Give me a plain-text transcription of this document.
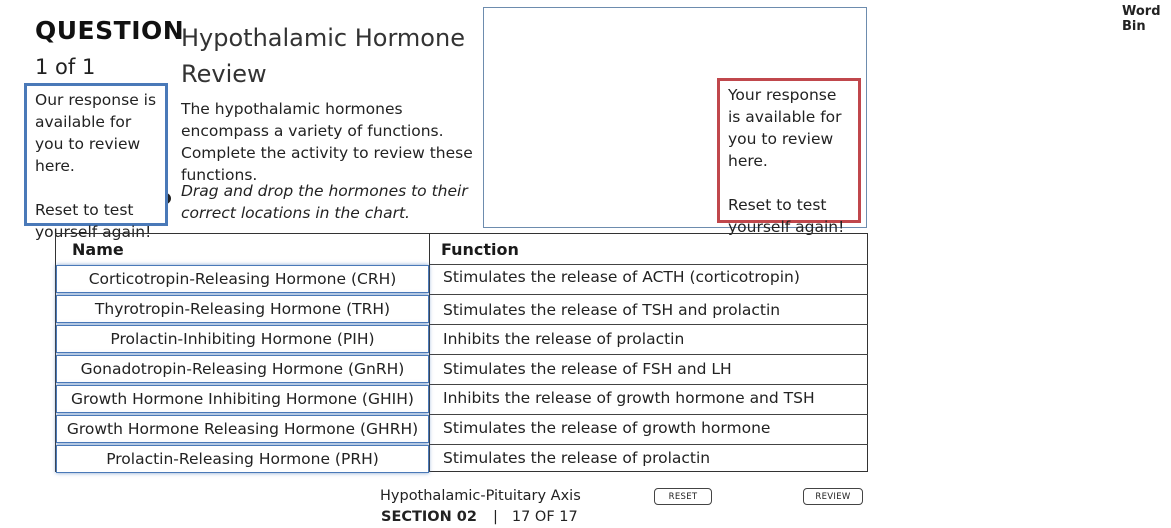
QUESTION
1 of 1
Hypothalamic Hormone Review
The hypothalamic hormones encompass a variety of functions. Complete the activity to review these functions.
Drag and drop the hormones to their correct locations in the chart.

Our response is available for you to review here.

Reset to test yourself again!

Word Bin

Your response is available for you to review here.

Reset to test yourself again!

Name	Function
Corticotropin-Releasing Hormone (CRH)	Stimulates the release of ACTH (corticotropin)
Thyrotropin-Releasing Hormone (TRH)	Stimulates the release of TSH and prolactin
Prolactin-Inhibiting Hormone (PIH)	Inhibits the release of prolactin
Gonadotropin-Releasing Hormone (GnRH)	Stimulates the release of FSH and LH
Growth Hormone Inhibiting Hormone (GHIH)	Inhibits the release of growth hormone and TSH
Growth Hormone Releasing Hormone (GHRH)	Stimulates the release of growth hormone
Prolactin-Releasing Hormone (PRH)	Stimulates the release of prolactin
Hypothalamic-Pituitary Axis
SECTION 02 | 17 OF 17
RESET	REVIEW
